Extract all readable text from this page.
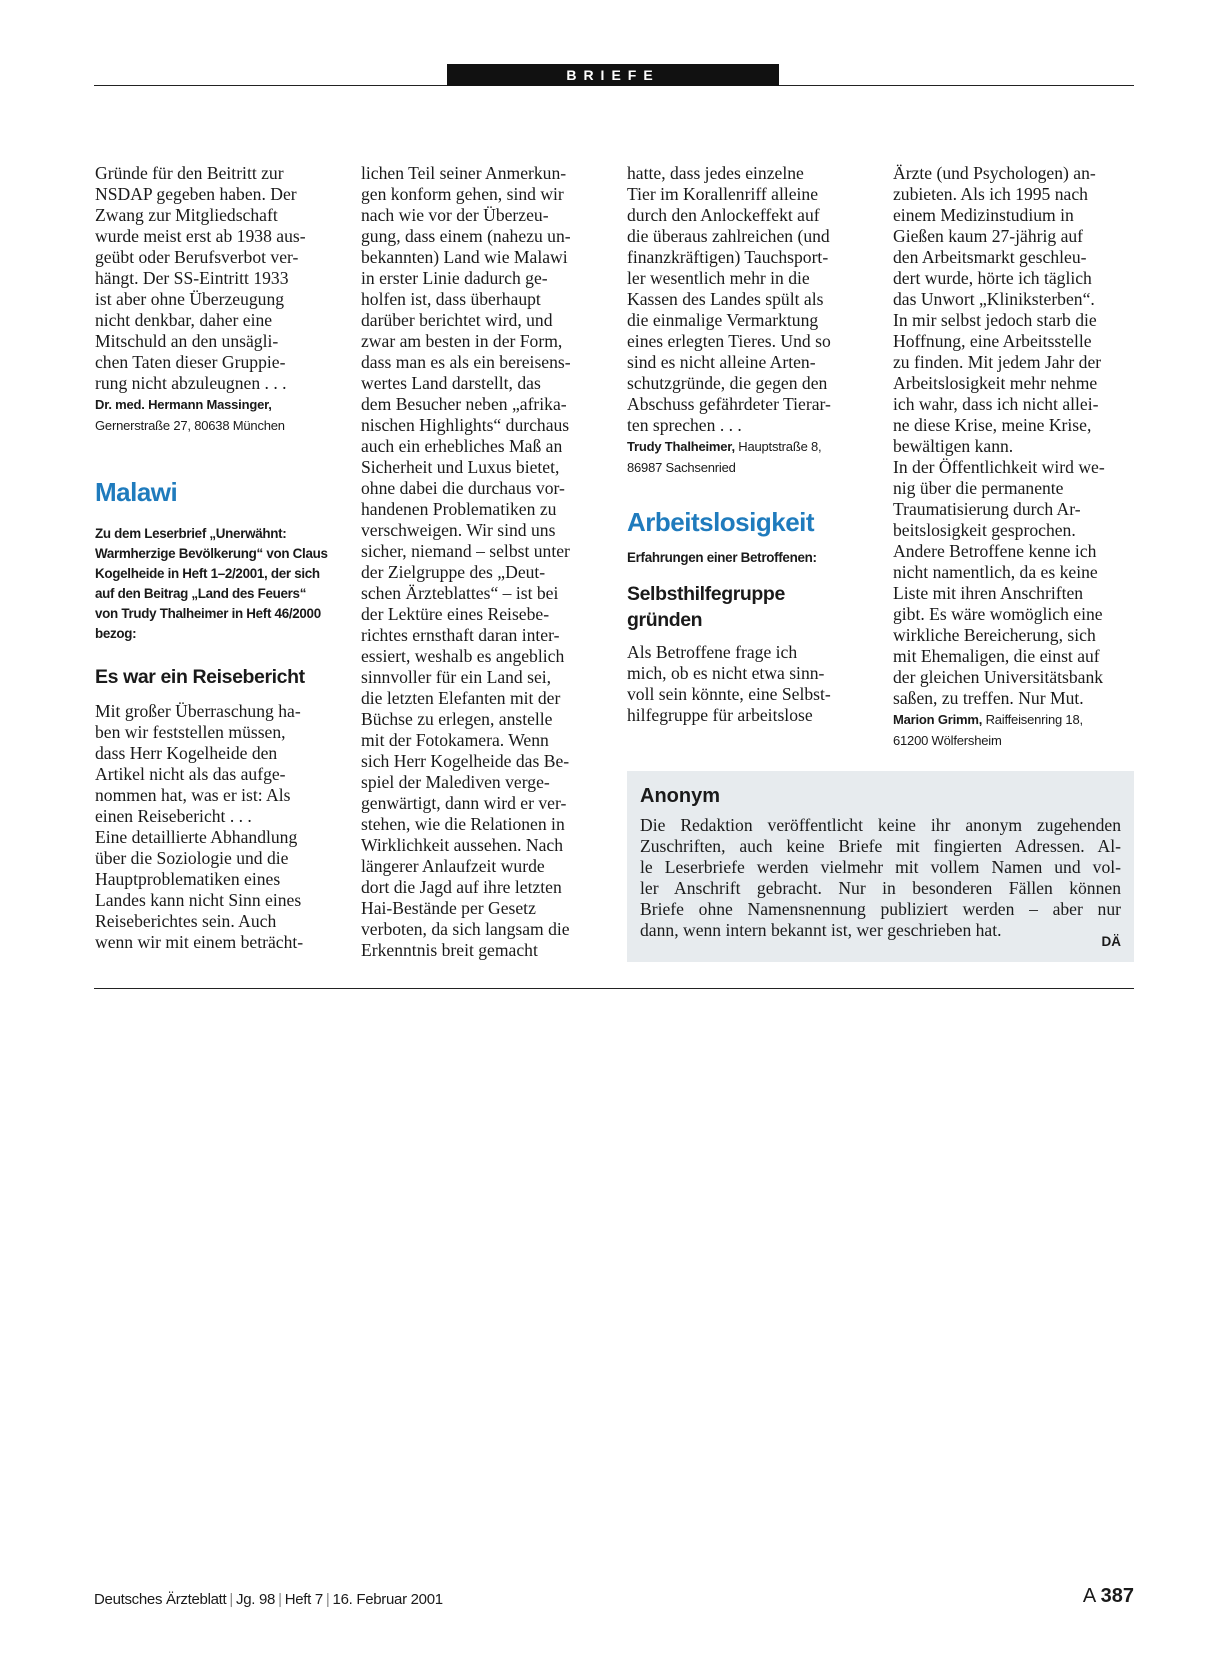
BRIEFE

Gründe für den Beitritt zur
NSDAP gegeben haben. Der
Zwang zur Mitgliedschaft
wurde meist erst ab 1938 aus-
geübt oder Berufsverbot ver-
hängt. Der SS-Eintritt 1933
ist aber ohne Überzeugung
nicht denkbar, daher eine
Mitschuld an den unsägli-
chen Taten dieser Gruppie-
rung nicht abzuleugnen . . .

Dr. med. Hermann Massinger,
Gernerstraße 27, 80638 München

Malawi

Zu dem Leserbrief „Unerwähnt:
Warmherzige Bevölkerung“ von Claus
Kogelheide in Heft 1–2/2001, der sich
auf den Beitrag „Land des Feuers“
von Trudy Thalheimer in Heft 46/2000
bezog:

Es war ein Reisebericht

Mit großer Überraschung ha-
ben wir feststellen müssen,
dass Herr Kogelheide den
Artikel nicht als das aufge-
nommen hat, was er ist: Als
einen Reisebericht . . .
Eine detaillierte Abhandlung
über die Soziologie und die
Hauptproblematiken eines
Landes kann nicht Sinn eines
Reiseberichtes sein. Auch
wenn wir mit einem beträcht-

lichen Teil seiner Anmerkun-
gen konform gehen, sind wir
nach wie vor der Überzeu-
gung, dass einem (nahezu un-
bekannten) Land wie Malawi
in erster Linie dadurch ge-
holfen ist, dass überhaupt
darüber berichtet wird, und
zwar am besten in der Form,
dass man es als ein bereisens-
wertes Land darstellt, das
dem Besucher neben „afrika-
nischen Highlights“ durchaus
auch ein erhebliches Maß an
Sicherheit und Luxus bietet,
ohne dabei die durchaus vor-
handenen Problematiken zu
verschweigen. Wir sind uns
sicher, niemand – selbst unter
der Zielgruppe des „Deut-
schen Ärzteblattes“ – ist bei
der Lektüre eines Reisebe-
richtes ernsthaft daran inter-
essiert, weshalb es angeblich
sinnvoller für ein Land sei,
die letzten Elefanten mit der
Büchse zu erlegen, anstelle
mit der Fotokamera. Wenn
sich Herr Kogelheide das Be-
spiel der Malediven verge-
genwärtigt, dann wird er ver-
stehen, wie die Relationen in
Wirklichkeit aussehen. Nach
längerer Anlaufzeit wurde
dort die Jagd auf ihre letzten
Hai-Bestände per Gesetz
verboten, da sich langsam die
Erkenntnis breit gemacht

hatte, dass jedes einzelne
Tier im Korallenriff alleine
durch den Anlockeffekt auf
die überaus zahlreichen (und
finanzkräftigen) Tauchsport-
ler wesentlich mehr in die
Kassen des Landes spült als
die einmalige Vermarktung
eines erlegten Tieres. Und so
sind es nicht alleine Arten-
schutzgründe, die gegen den
Abschuss gefährdeter Tierar-
ten sprechen . . .

Trudy Thalheimer, Hauptstraße 8,
86987 Sachsenried

Arbeitslosigkeit

Erfahrungen einer Betroffenen:

Selbsthilfegruppe
gründen

Als Betroffene frage ich
mich, ob es nicht etwa sinn-
voll sein könnte, eine Selbst-
hilfegruppe für arbeitslose

Ärzte (und Psychologen) an-
zubieten. Als ich 1995 nach
einem Medizinstudium in
Gießen kaum 27-jährig auf
den Arbeitsmarkt geschleu-
dert wurde, hörte ich täglich
das Unwort „Kliniksterben“.
In mir selbst jedoch starb die
Hoffnung, eine Arbeitsstelle
zu finden. Mit jedem Jahr der
Arbeitslosigkeit mehr nehme
ich wahr, dass ich nicht allei-
ne diese Krise, meine Krise,
bewältigen kann.
In der Öffentlichkeit wird we-
nig über die permanente
Traumatisierung durch Ar-
beitslosigkeit gesprochen.
Andere Betroffene kenne ich
nicht namentlich, da es keine
Liste mit ihren Anschriften
gibt. Es wäre womöglich eine
wirkliche Bereicherung, sich
mit Ehemaligen, die einst auf
der gleichen Universitätsbank
saßen, zu treffen. Nur Mut.

Marion Grimm, Raiffeisenring 18,
61200 Wölfersheim

Anonym

Die Redaktion veröffentlicht keine ihr anonym zugehenden
Zuschriften, auch keine Briefe mit fingierten Adressen. Al-
le Leserbriefe werden vielmehr mit vollem Namen und vol-
ler Anschrift gebracht. Nur in besonderen Fällen können
Briefe ohne Namensnennung publiziert werden – aber nur
dann, wenn intern bekannt ist, wer geschrieben hat.

DÄ
Deutsches Ärzteblatt | Jg. 98 | Heft 7 | 16. Februar 2001	A 387
